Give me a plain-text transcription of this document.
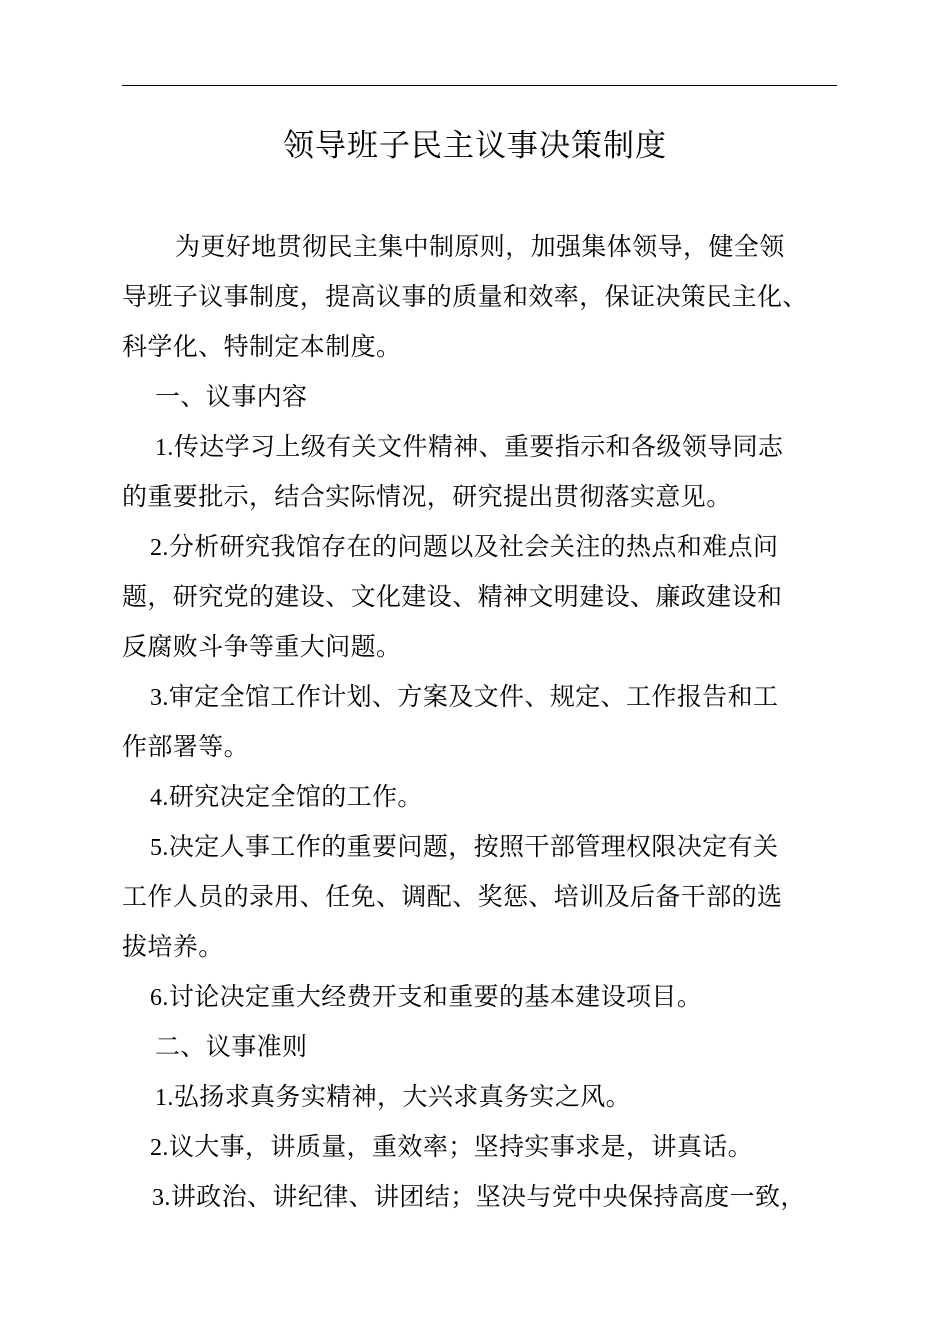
领导班子民主议事决策制度
为更好地贯彻民主集中制原则，加强集体领导，健全领
导班子议事制度，提高议事的质量和效率，保证决策民主化、
科学化、特制定本制度。
一、议事内容
1.传达学习上级有关文件精神、重要指示和各级领导同志
的重要批示，结合实际情况，研究提出贯彻落实意见。
2.分析研究我馆存在的问题以及社会关注的热点和难点问
题，研究党的建设、文化建设、精神文明建设、廉政建设和
反腐败斗争等重大问题。
3.审定全馆工作计划、方案及文件、规定、工作报告和工
作部署等。
4.研究决定全馆的工作。
5.决定人事工作的重要问题，按照干部管理权限决定有关
工作人员的录用、任免、调配、奖惩、培训及后备干部的选
拔培养。
6.讨论决定重大经费开支和重要的基本建设项目。
二、议事准则
1.弘扬求真务实精神，大兴求真务实之风。
2.议大事，讲质量，重效率；坚持实事求是，讲真话。
3.讲政治、讲纪律、讲团结；坚决与党中央保持高度一致，
